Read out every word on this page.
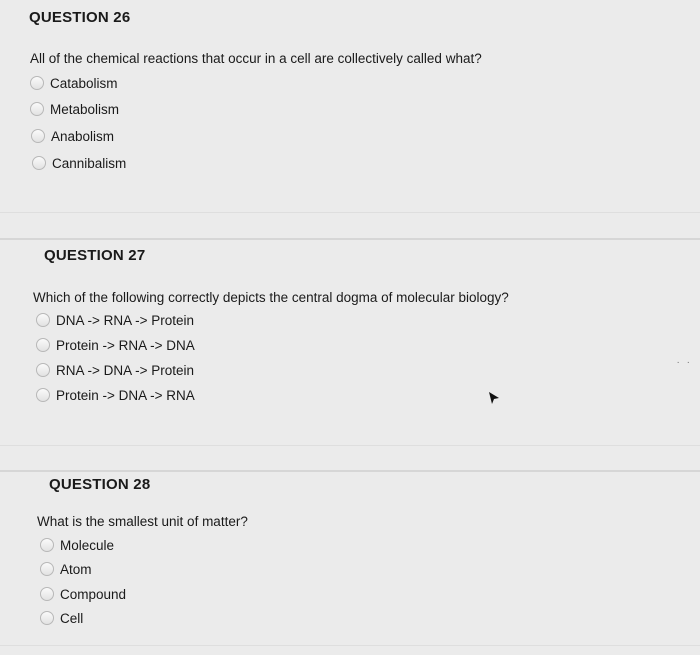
QUESTION 26
All of the chemical reactions that occur in a cell are collectively called what?
Catabolism
Metabolism
Anabolism
Cannibalism
QUESTION 27
Which of the following correctly depicts the central dogma of molecular biology?
DNA -> RNA -> Protein
Protein -> RNA -> DNA
RNA -> DNA -> Protein
Protein -> DNA -> RNA
· ·
QUESTION 28
What is the smallest unit of matter?
Molecule
Atom
Compound
Cell
